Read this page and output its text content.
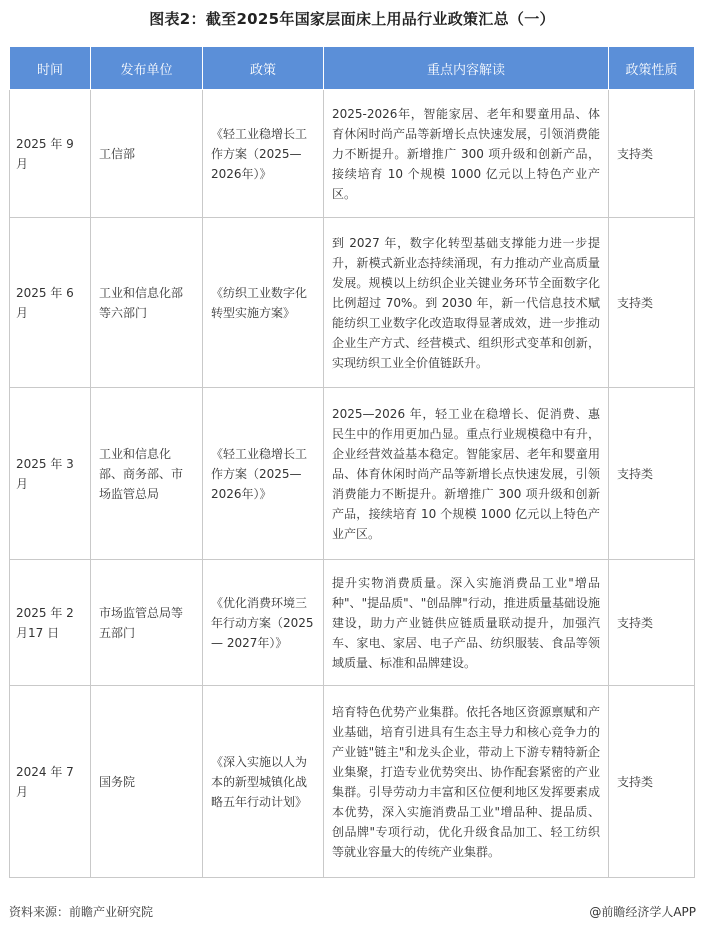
图表2：截至2025年国家层面床上用品行业政策汇总（一）
时间	发布单位	政策	重点内容解读	政策性质
2025 年 9 月	工信部	《轻工业稳增长工作方案（2025—2026年）》	2025-2026年，智能家居、老年和婴童用品、体育休闲时尚产品等新增长点快速发展，引领消费能力不断提升。新增推广 300 项升级和创新产品，接续培育 10 个规模 1000 亿元以上特色产业产区。	支持类
2025 年 6 月	工业和信息化部等六部门	《纺织工业数字化转型实施方案》	到 2027 年，数字化转型基础支撑能力进一步提升，新模式新业态持续涌现，有力推动产业高质量发展。规模以上纺织企业关键业务环节全面数字化比例超过 70%。到 2030 年，新一代信息技术赋能纺织工业数字化改造取得显著成效，进一步推动企业生产方式、经营模式、组织形式变革和创新，实现纺织工业全价值链跃升。	支持类
2025 年 3 月	工业和信息化部、商务部、市场监管总局	《轻工业稳增长工作方案（2025—2026年）》	2025—2026 年，轻工业在稳增长、促消费、惠民生中的作用更加凸显。重点行业规模稳中有升，企业经营效益基本稳定。智能家居、老年和婴童用品、体育休闲时尚产品等新增长点快速发展，引领消费能力不断提升。新增推广 300 项升级和创新产品，接续培育 10 个规模 1000 亿元以上特色产业产区。	支持类
2025 年 2 月17 日	市场监管总局等五部门	《优化消费环境三年行动方案（2025 — 2027年）》	提升实物消费质量。深入实施消费品工业"增品种"、"提品质"、"创品牌"行动，推进质量基础设施建设，助力产业链供应链质量联动提升，加强汽车、家电、家居、电子产品、纺织服装、食品等领域质量、标准和品牌建设。	支持类
2024 年 7 月	国务院	《深入实施以人为本的新型城镇化战略五年行动计划》	培育特色优势产业集群。依托各地区资源禀赋和产业基础，培育引进具有生态主导力和核心竞争力的产业链"链主"和龙头企业，带动上下游专精特新企业集聚，打造专业优势突出、协作配套紧密的产业集群。引导劳动力丰富和区位便利地区发挥要素成本优势，深入实施消费品工业"增品种、提品质、创品牌"专项行动，优化升级食品加工、轻工纺织等就业容量大的传统产业集群。	支持类
资料来源：前瞻产业研究院	@前瞻经济学人APP
